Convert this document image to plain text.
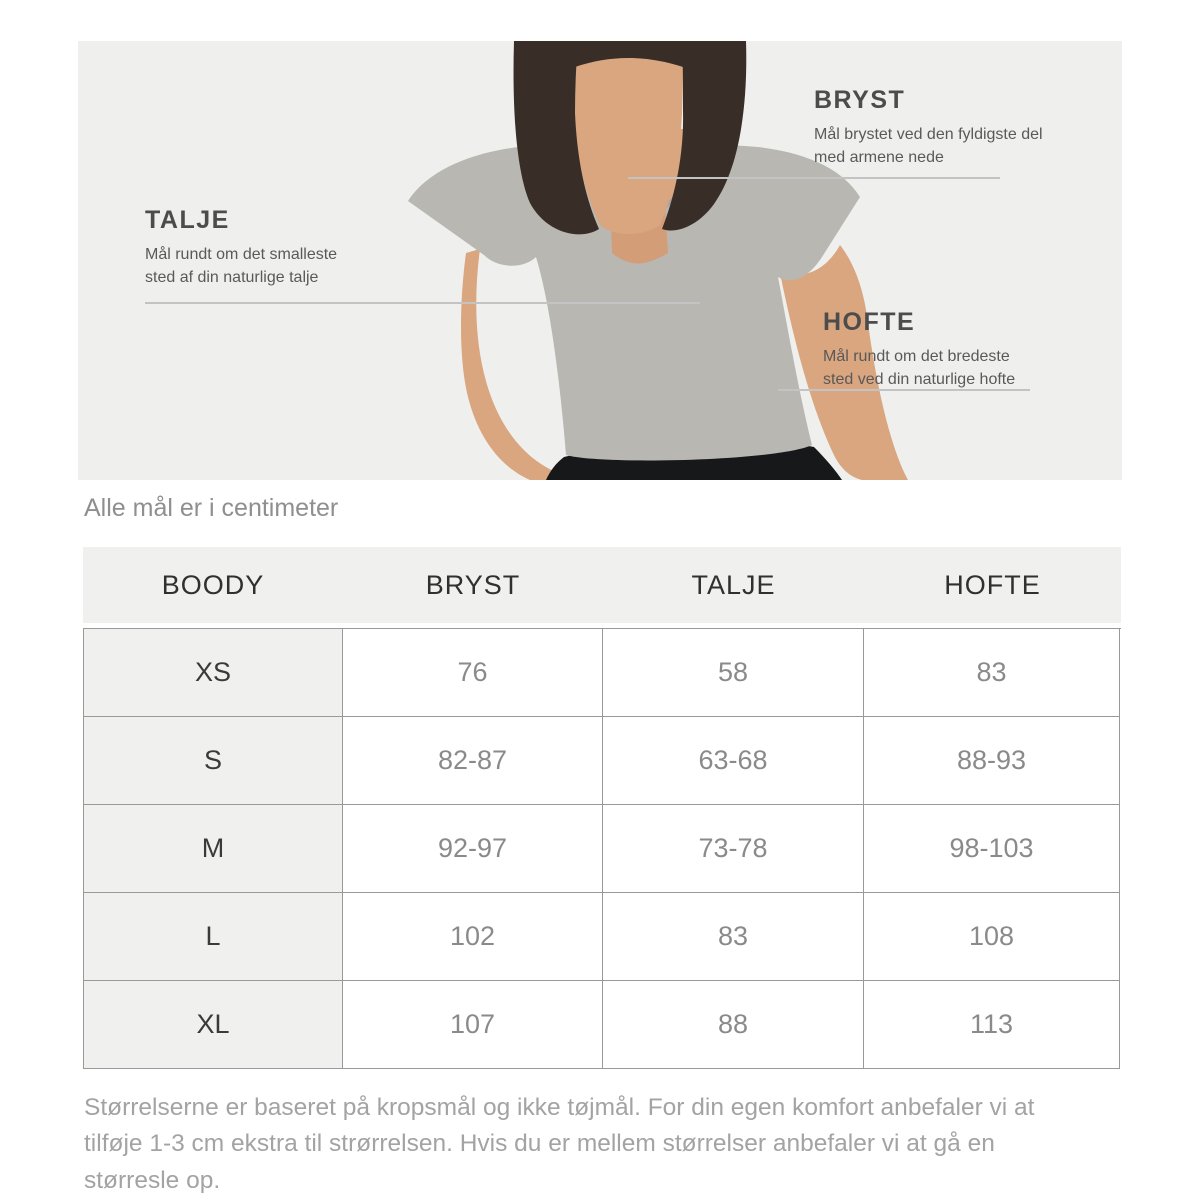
BRYST
Mål brystet ved den fyldigste del med armene nede
TALJE
Mål rundt om det smalleste sted af din naturlige talje
HOFTE
Mål rundt om det bredeste sted ved din naturlige hofte
Alle mål er i centimeter
BOODY	BRYST	TALJE	HOFTE
XS	76	58	83
S	82-87	63-68	88-93
M	92-97	73-78	98-103
L	102	83	108
XL	107	88	113
Størrelserne er baseret på kropsmål og ikke tøjmål. For din egen komfort anbefaler vi at tilføje 1-3 cm ekstra til strørrelsen. Hvis du er mellem størrelser anbefaler vi at gå en størresle op.
